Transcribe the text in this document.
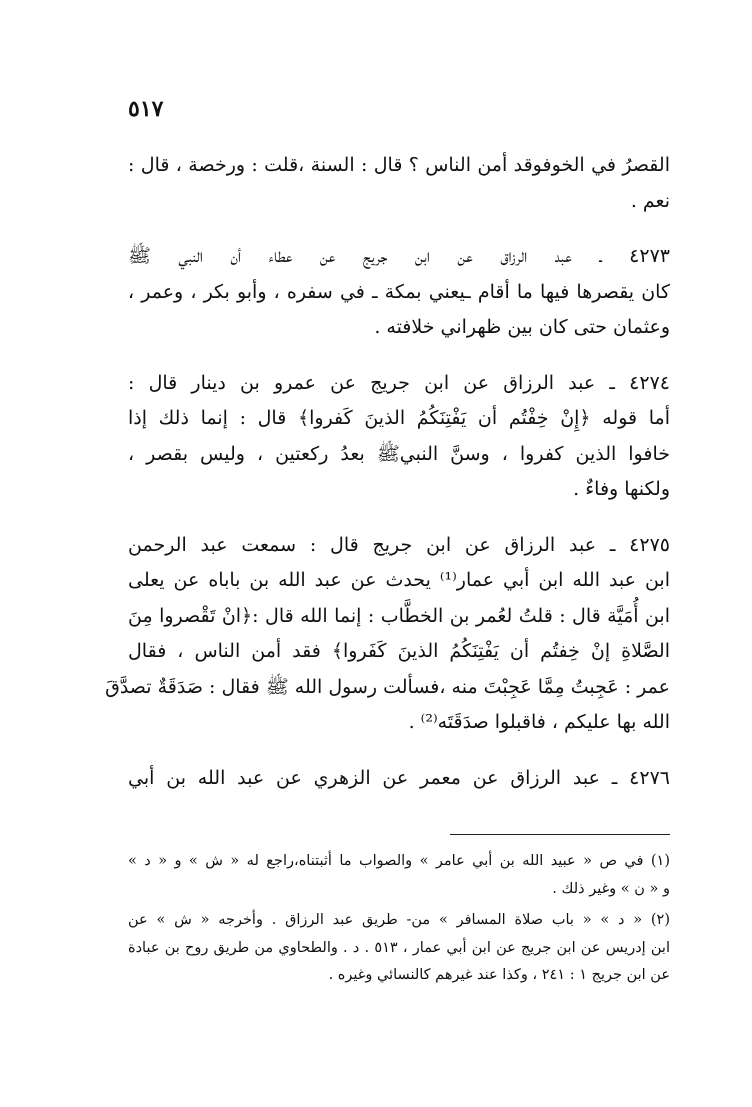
٥١٧

القصرُ في الخوفوقد أمن الناس ؟ قال : السنة ،قلت : ورخصة ، قال :
نعم .

٤٢٧٣ ـ عبد الرزاق عن ابن جريج عن عطاء أن النبي ﷺ
كان يقصرها فيها ما أقام ـيعني بمكة ـ في سفره ، وأبو بكر ، وعمر ،
وعثمان حتى كان بين ظهراني خلافته .

٤٢٧٤ ـ عبد الرزاق عن ابن جريج عن عمرو بن دينار قال :
أما قوله ﴿إِنْ خِفْتُم أن يَفْتِنَكُمُ الذينَ كَفروا﴾ قال : إنما ذلك إذا
خافوا الذين كفروا ، وسنَّ النبيﷺ بعدُ ركعتين ، وليس بقصر ،
ولكنها وفاءٌ .

٤٢٧٥ ـ عبد الرزاق عن ابن جريج قال : سمعت عبد الرحمن
ابن عبد الله ابن أبي عمار⁽¹⁾ يحدث عن عبد الله بن باباه عن يعلى
ابن أُمَيَّة قال : قلتُ لعُمر بن الخطَّاب : إنما الله قال :﴿انْ تَقْصروا مِنَ
الصَّلاةِ إنْ خِفتُم أن يَفْتِنَكُمُ الذينَ كَفَروا﴾ فقد أمن الناس ، فقال
عمر : عَجِبتُ مِمَّا عَجِبْتَ منه ،فسألت رسول الله ﷺ فقال : صَدَقَةٌ تصدَّقَ
الله بها عليكم ، فاقبلوا صدَقَتَه⁽²⁾ .

٤٢٧٦ ـ عبد الرزاق عن معمر عن الزهري عن عبد الله بن أبي

(١) في ص « عبيد الله بن أبي عامر » والصواب ما أثبتناه،راجع له « ش » و « د »
و « ن » وغير ذلك .

(٢) « د » « باب صلاة المسافر » من- طريق عبد الرزاق . وأخرجه « ش » عن
ابن إدريس عن ابن جريج عن ابن أبي عمار ، ٥١٣ . د . والطحاوي من طريق روح بن عبادة
عن ابن جريج ١ : ٢٤١ ، وكذا عند غيرهم كالنسائي وغيره .
